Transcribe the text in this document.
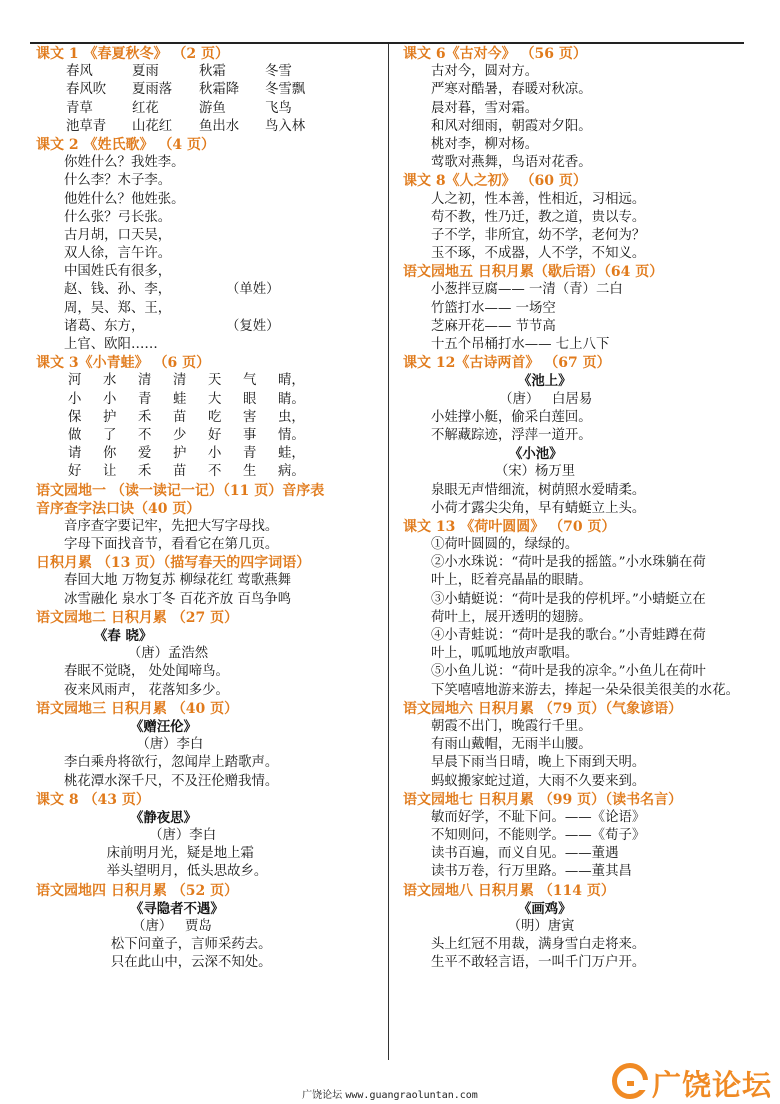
课文 1 《春夏秋冬》 （2 页）
春风	夏雨	秋霜	冬雪
春风吹	夏雨落	秋霜降	冬雪飘
青草	红花	游鱼	飞鸟
池草青	山花红	鱼出水	鸟入林
课文 2 《姓氏歌》 （4 页）
你姓什么？我姓李。
什么李？木子李。
他姓什么？他姓张。
什么张？弓长张。
古月胡，口天吴，
双人徐，言午许。
中国姓氏有很多，
赵、钱、孙、李，	（单姓）
周，吴、郑、王，
诸葛、东方，	（复姓）
上官、欧阳……
课文 3《小青蛙》 （6 页）
河	水	清	清	天	气	晴，
小	小	青	蛙	大	眼	睛。
保	护	禾	苗	吃	害	虫，
做	了	不	少	好	事	情。
请	你	爱	护	小	青	蛙，
好	让	禾	苗	不	生	病。
语文园地一 （读一读记一记）（11 页）音序表
音序查字法口诀（40 页）
音序查字要记牢，先把大写字母找。
字母下面找音节，看看它在第几页。
日积月累 （13 页）（描写春天的四字词语）
春回大地 万物复苏 柳绿花红 莺歌燕舞
冰雪融化 泉水丁冬 百花齐放 百鸟争鸣
语文园地二 日积月累 （27 页）
《春 晓》
（唐）孟浩然
春眠不觉晓， 处处闻啼鸟。
夜来风雨声， 花落知多少。
语文园地三 日积月累 （40 页）
《赠汪伦》
（唐）李白
李白乘舟将欲行，忽闻岸上踏歌声。
桃花潭水深千尺，不及汪伦赠我情。
课文 8 （43 页）
《静夜思》
（唐）李白
床前明月光，疑是地上霜
举头望明月，低头思故乡。
语文园地四 日积月累 （52 页）
《寻隐者不遇》
（唐）   贾岛
松下问童子，言师采药去。
只在此山中，云深不知处。
课文 6《古对今》 （56 页）
古对今，圆对方。
严寒对酷暑，春暖对秋凉。
晨对暮，雪对霜。
和风对细雨，朝霞对夕阳。
桃对李，柳对杨。
莺歌对燕舞，鸟语对花香。
课文 8《人之初》 （60 页）
人之初，性本善，性相近，习相远。
苟不教，性乃迁，教之道，贵以专。
子不学，非所宜，幼不学，老何为？
玉不琢，不成器，人不学，不知义。
语文园地五 日积月累（歇后语）（64 页）
小葱拌豆腐—— 一清（青）二白
竹篮打水—— 一场空
芝麻开花—— 节节高
十五个吊桶打水—— 七上八下
课文 12《古诗两首》 （67 页）
《池上》
（唐）   白居易
小娃撑小艇，偷采白莲回。
不解藏踪迹，浮萍一道开。
《小池》
（宋）杨万里
泉眼无声惜细流，树荫照水爱晴柔。
小荷才露尖尖角，早有蜻蜓立上头。
课文 13 《荷叶圆圆》 （70 页）
①荷叶圆圆的，绿绿的。
②小水珠说：“荷叶是我的摇篮。”小水珠躺在荷
叶上，眨着亮晶晶的眼睛。
③小蜻蜓说：“荷叶是我的停机坪。”小蜻蜓立在
荷叶上，展开透明的翅膀。
④小青蛙说：“荷叶是我的歌台。”小青蛙蹲在荷
叶上，呱呱地放声歌唱。
⑤小鱼儿说：“荷叶是我的凉伞。”小鱼儿在荷叶
下笑嘻嘻地游来游去，捧起一朵朵很美很美的水花。
语文园地六 日积月累 （79 页）（气象谚语）
朝霞不出门，晚霞行千里。
有雨山戴帽，无雨半山腰。
早晨下雨当日晴，晚上下雨到天明。
蚂蚁搬家蛇过道，大雨不久要来到。
语文园地七 日积月累 （99 页）（读书名言）
敏而好学，不耻下问。——《论语》
不知则问，不能则学。——《荀子》
读书百遍，而义自见。——董遇
读书万卷，行万里路。——董其昌
语文园地八 日积月累 （114 页）
《画鸡》
（明）唐寅
头上红冠不用裁，满身雪白走将来。
生平不敢轻言语，一叫千门万户开。
广饶论坛 www.guangraoluntan.com	广饶论坛
